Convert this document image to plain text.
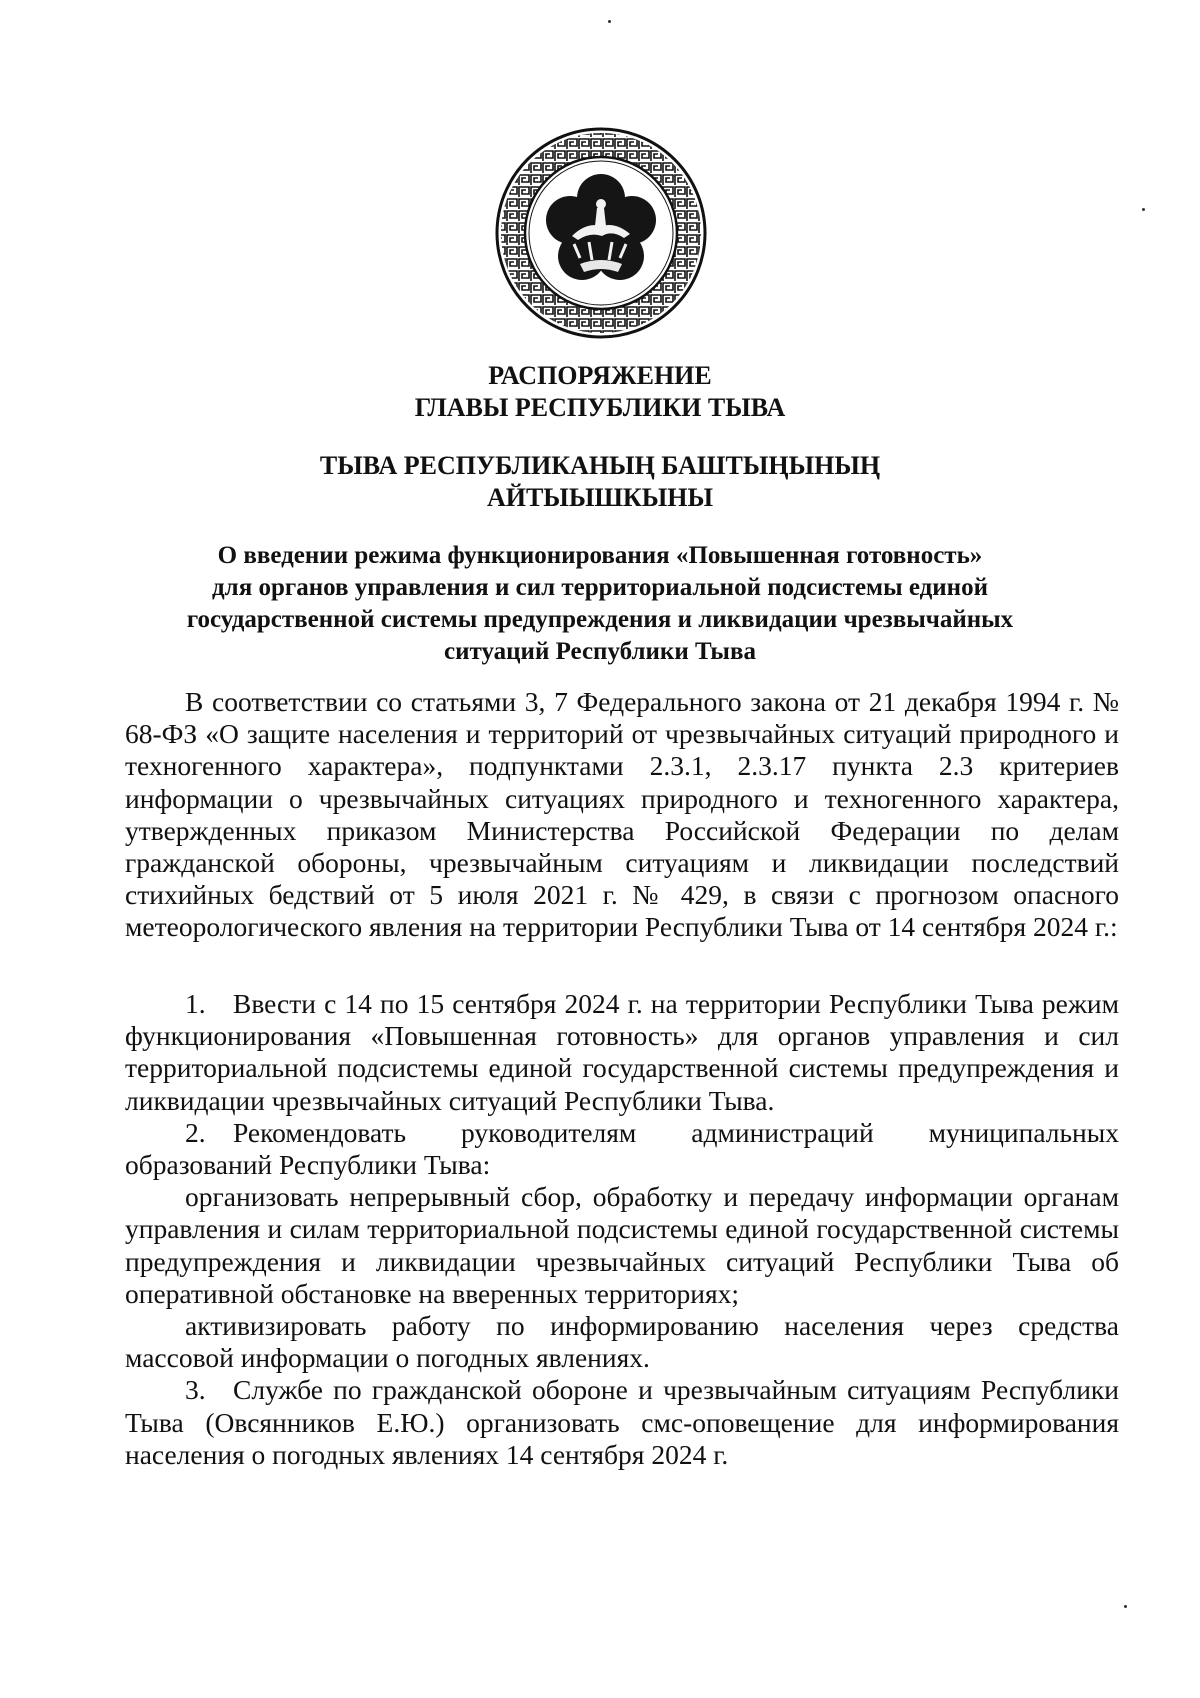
РАСПОРЯЖЕНИЕ
ГЛАВЫ РЕСПУБЛИКИ ТЫВА
ТЫВА РЕСПУБЛИКАНЫҢ БАШТЫҢЫНЫҢ
АЙТЫЫШКЫНЫ
О введении режима функционирования «Повышенная готовность»
для органов управления и сил территориальной подсистемы единой
государственной системы предупреждения и ликвидации чрезвычайных
ситуаций Республики Тыва

В соответствии со статьями 3, 7 Федерального закона от 21 декабря 1994 г. № 68-ФЗ «О защите населения и территорий от чрезвычайных ситуаций природного и техногенного характера», подпунктами 2.3.1, 2.3.17 пункта 2.3 критериев информации о чрезвычайных ситуациях природного и техногенного характера, утвержденных приказом Министерства Российской Федерации по делам гражданской обороны, чрезвычайным ситуациям и ликвидации последствий стихийных бедствий от 5 июля 2021 г. № 429, в связи с прогнозом опасного метеорологического явления на территории Республики Тыва от 14 сентября 2024 г.:

1. Ввести с 14 по 15 сентября 2024 г. на территории Республики Тыва режим функционирования «Повышенная готовность» для органов управления и сил территориальной подсистемы единой государственной системы предупреждения и ликвидации чрезвычайных ситуаций Республики Тыва.

2. Рекомендовать руководителям администраций муниципальных образований Республики Тыва:

организовать непрерывный сбор, обработку и передачу информации органам управления и силам территориальной подсистемы единой государственной системы предупреждения и ликвидации чрезвычайных ситуаций Республики Тыва об оперативной обстановке на вверенных территориях;

активизировать работу по информированию населения через средства массовой информации о погодных явлениях.

3. Службе по гражданской обороне и чрезвычайным ситуациям Республики Тыва (Овсянников Е.Ю.) организовать смс-оповещение для информирования населения о погодных явлениях 14 сентября 2024 г.
